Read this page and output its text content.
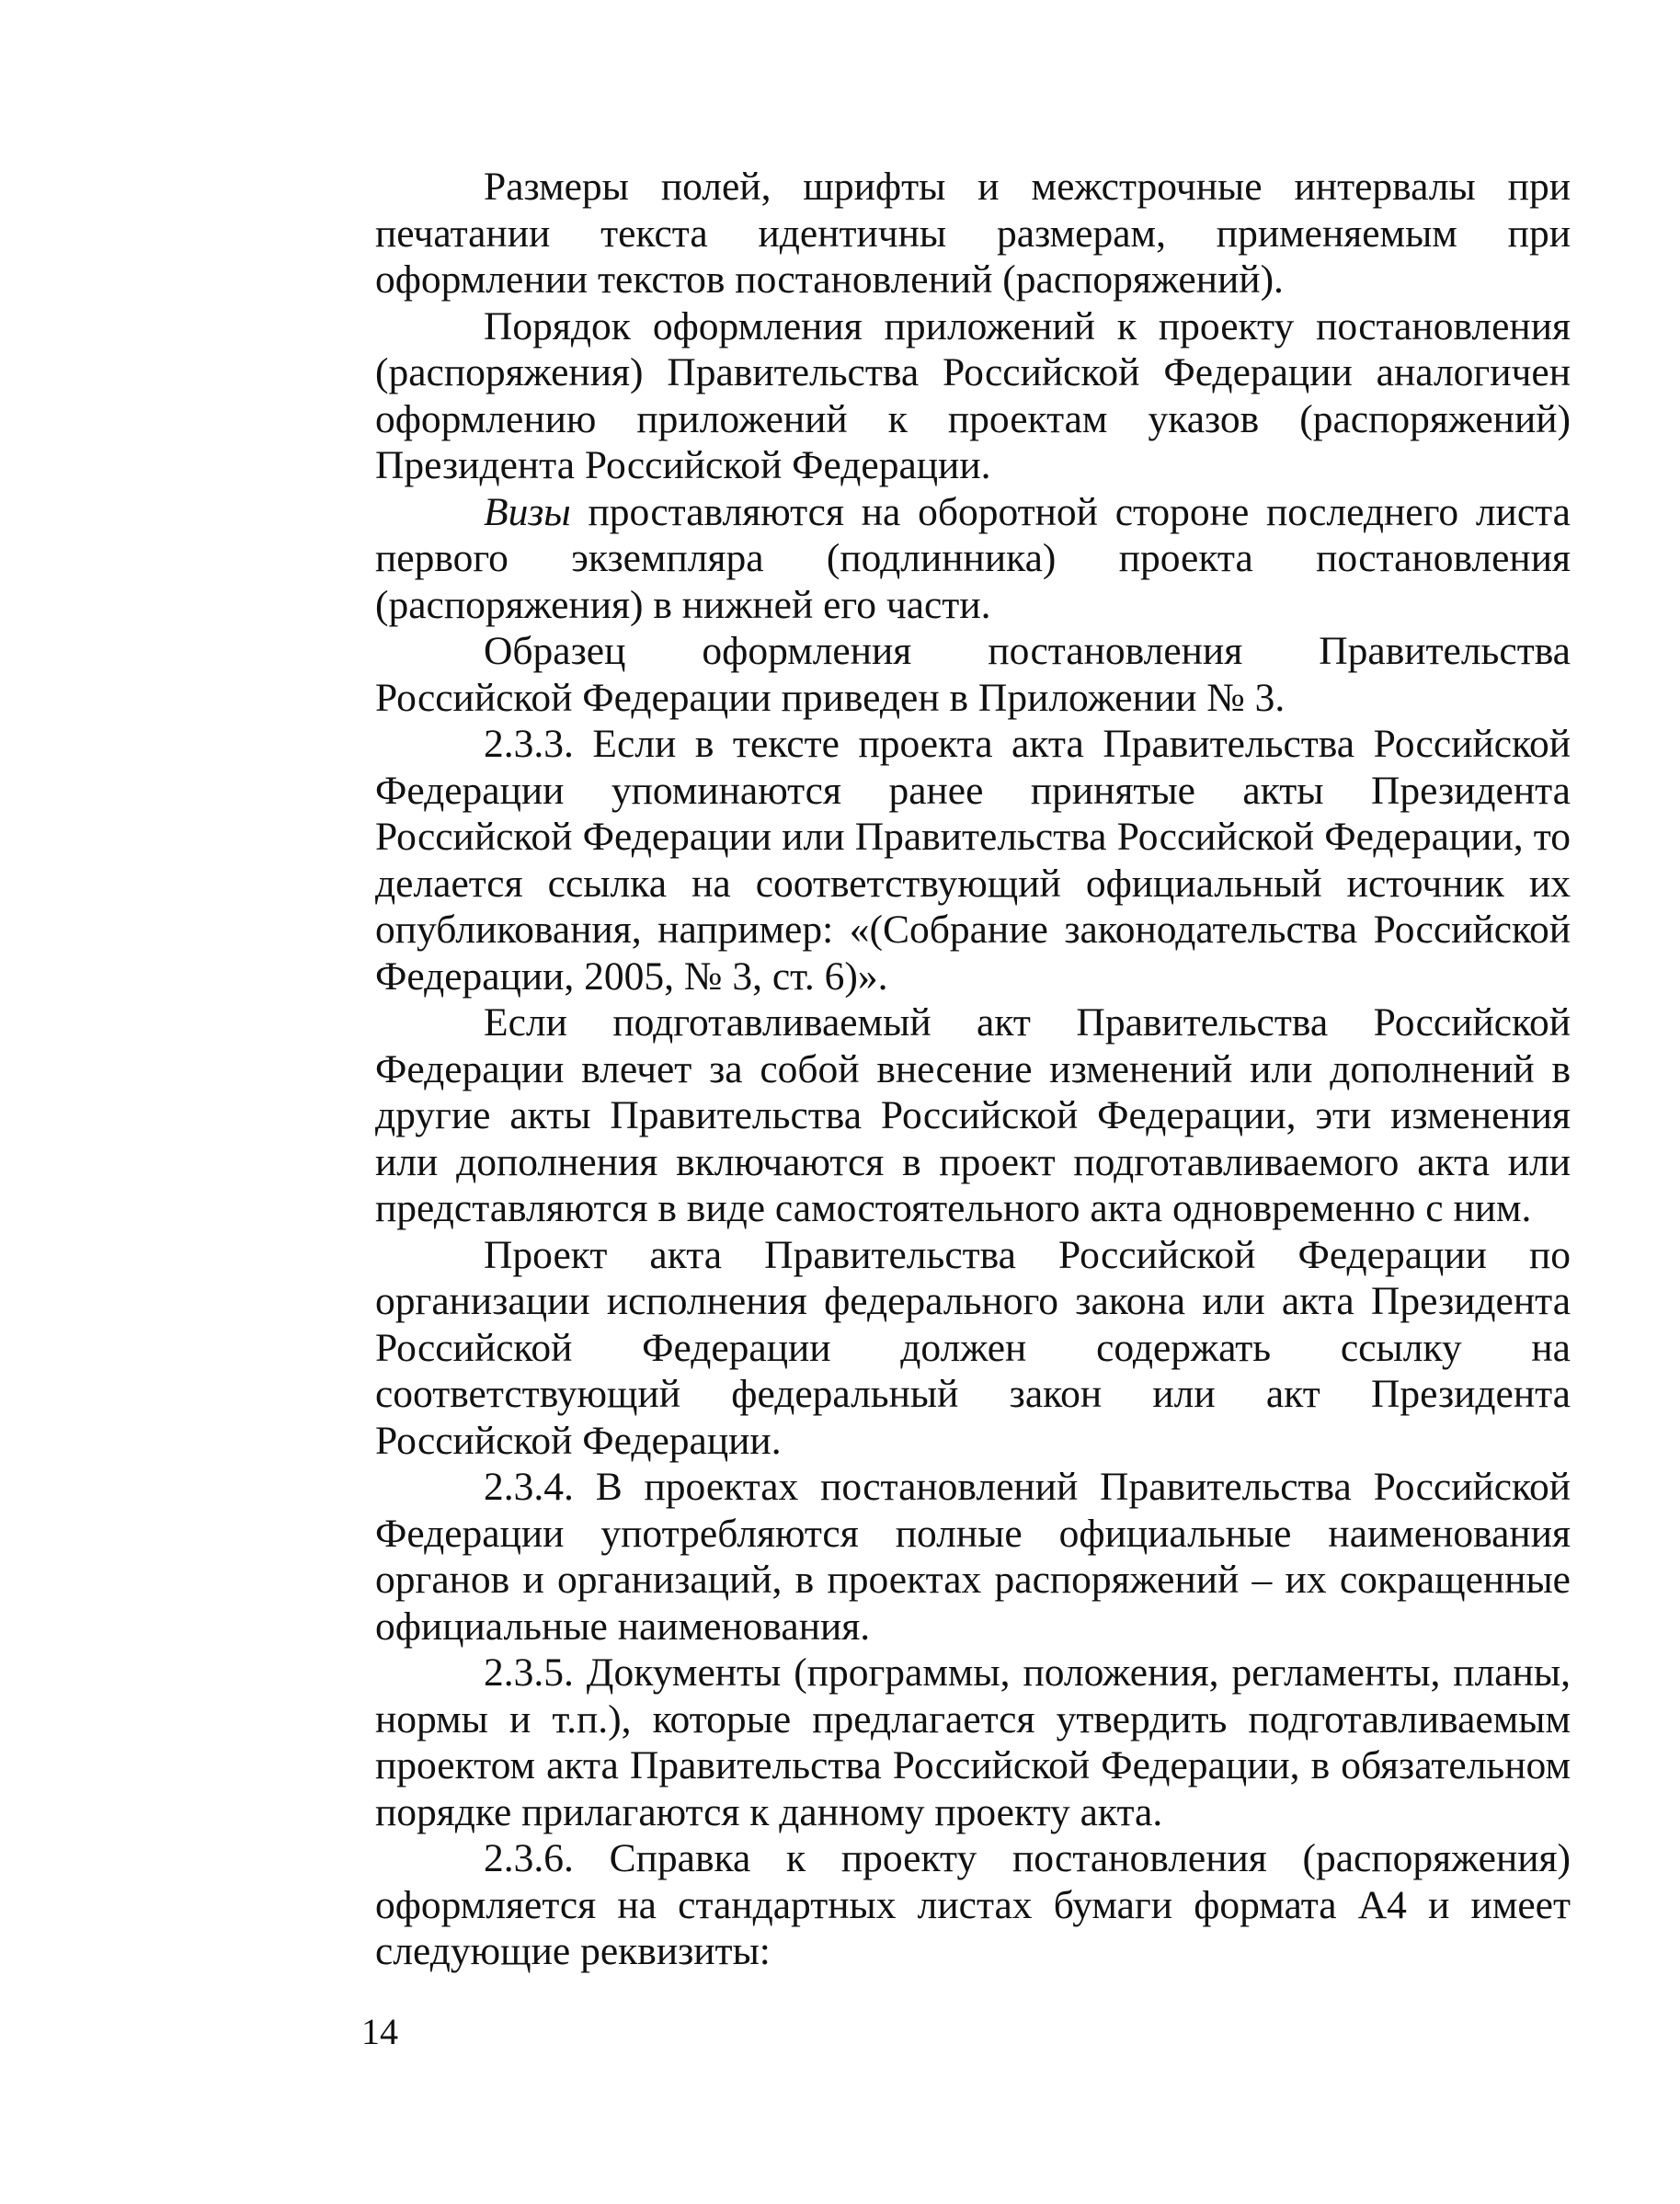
Размеры полей, шрифты и межстрочные интервалы при печатании текста идентичны размерам, применяемым при оформлении текстов постановлений (распоряжений).

Порядок оформления приложений к проекту постановления (распоряжения) Правительства Российской Федерации аналогичен оформлению приложений к проектам указов (распоряжений) Президента Российской Федерации.

Визы проставляются на оборотной стороне последнего листа первого экземпляра (подлинника) проекта постановления (распоряжения) в нижней его части.

Образец оформления постановления Правительства Российской Федерации приведен в Приложении № 3.

2.3.3. Если в тексте проекта акта Правительства Российской Федерации упоминаются ранее принятые акты Президента Российской Федерации или Правительства Российской Федерации, то делается ссылка на соответствующий официальный источник их опубликования, например: «(Собрание законодательства Российской Федерации, 2005, № 3, ст. 6)».

Если подготавливаемый акт Правительства Российской Федерации влечет за собой внесение изменений или дополнений в другие акты Правительства Российской Федерации, эти изменения или дополнения включаются в проект подготавливаемого акта или представляются в виде самостоятельного акта одновременно с ним.

Проект акта Правительства Российской Федерации по организации исполнения федерального закона или акта Президента Российской Федерации должен содержать ссылку на соответствующий федеральный закон или акт Президента Российской Федерации.

2.3.4. В проектах постановлений Правительства Российской Федерации употребляются полные официальные наименования органов и организаций, в проектах распоряжений – их сокращенные официальные наименования.

2.3.5. Документы (программы, положения, регламенты, планы, нормы и т.п.), которые предлагается утвердить подготавливаемым проектом акта Правительства Российской Федерации, в обязательном порядке прилагаются к данному проекту акта.

2.3.6. Справка к проекту постановления (распоряжения) оформляется на стандартных листах бумаги формата А4 и имеет следующие реквизиты:

14
